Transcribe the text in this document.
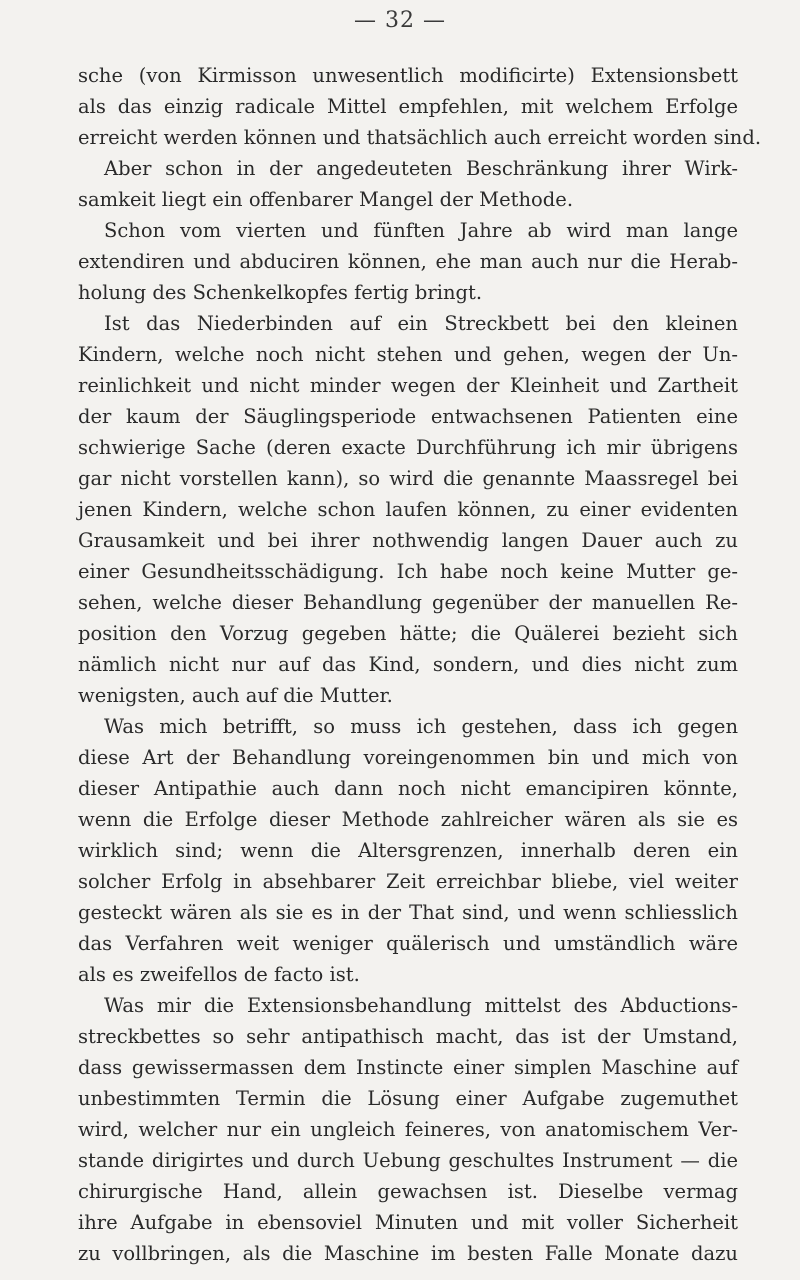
— 32 —
sche (von Kirmisson unwesentlich modificirte) Extensionsbett
als das einzig radicale Mittel empfehlen, mit welchem Erfolge
erreicht werden können und thatsächlich auch erreicht worden sind.
Aber schon in der angedeuteten Beschränkung ihrer Wirk-
samkeit liegt ein offenbarer Mangel der Methode.
Schon vom vierten und fünften Jahre ab wird man lange
extendiren und abduciren können, ehe man auch nur die Herab-
holung des Schenkelkopfes fertig bringt.
Ist das Niederbinden auf ein Streckbett bei den kleinen
Kindern, welche noch nicht stehen und gehen, wegen der Un-
reinlichkeit und nicht minder wegen der Kleinheit und Zartheit
der kaum der Säuglingsperiode entwachsenen Patienten eine
schwierige Sache (deren exacte Durchführung ich mir übrigens
gar nicht vorstellen kann), so wird die genannte Maassregel bei
jenen Kindern, welche schon laufen können, zu einer evidenten
Grausamkeit und bei ihrer nothwendig langen Dauer auch zu
einer Gesundheitsschädigung. Ich habe noch keine Mutter ge-
sehen, welche dieser Behandlung gegenüber der manuellen Re-
position den Vorzug gegeben hätte; die Quälerei bezieht sich
nämlich nicht nur auf das Kind, sondern, und dies nicht zum
wenigsten, auch auf die Mutter.
Was mich betrifft, so muss ich gestehen, dass ich gegen
diese Art der Behandlung voreingenommen bin und mich von
dieser Antipathie auch dann noch nicht emancipiren könnte,
wenn die Erfolge dieser Methode zahlreicher wären als sie es
wirklich sind; wenn die Altersgrenzen, innerhalb deren ein
solcher Erfolg in absehbarer Zeit erreichbar bliebe, viel weiter
gesteckt wären als sie es in der That sind, und wenn schliesslich
das Verfahren weit weniger quälerisch und umständlich wäre
als es zweifellos de facto ist.
Was mir die Extensionsbehandlung mittelst des Abductions-
streckbettes so sehr antipathisch macht, das ist der Umstand,
dass gewissermassen dem Instincte einer simplen Maschine auf
unbestimmten Termin die Lösung einer Aufgabe zugemuthet
wird, welcher nur ein ungleich feineres, von anatomischem Ver-
stande dirigirtes und durch Uebung geschultes Instrument — die
chirurgische Hand, allein gewachsen ist. Dieselbe vermag
ihre Aufgabe in ebensoviel Minuten und mit voller Sicherheit
zu vollbringen, als die Maschine im besten Falle Monate dazu
